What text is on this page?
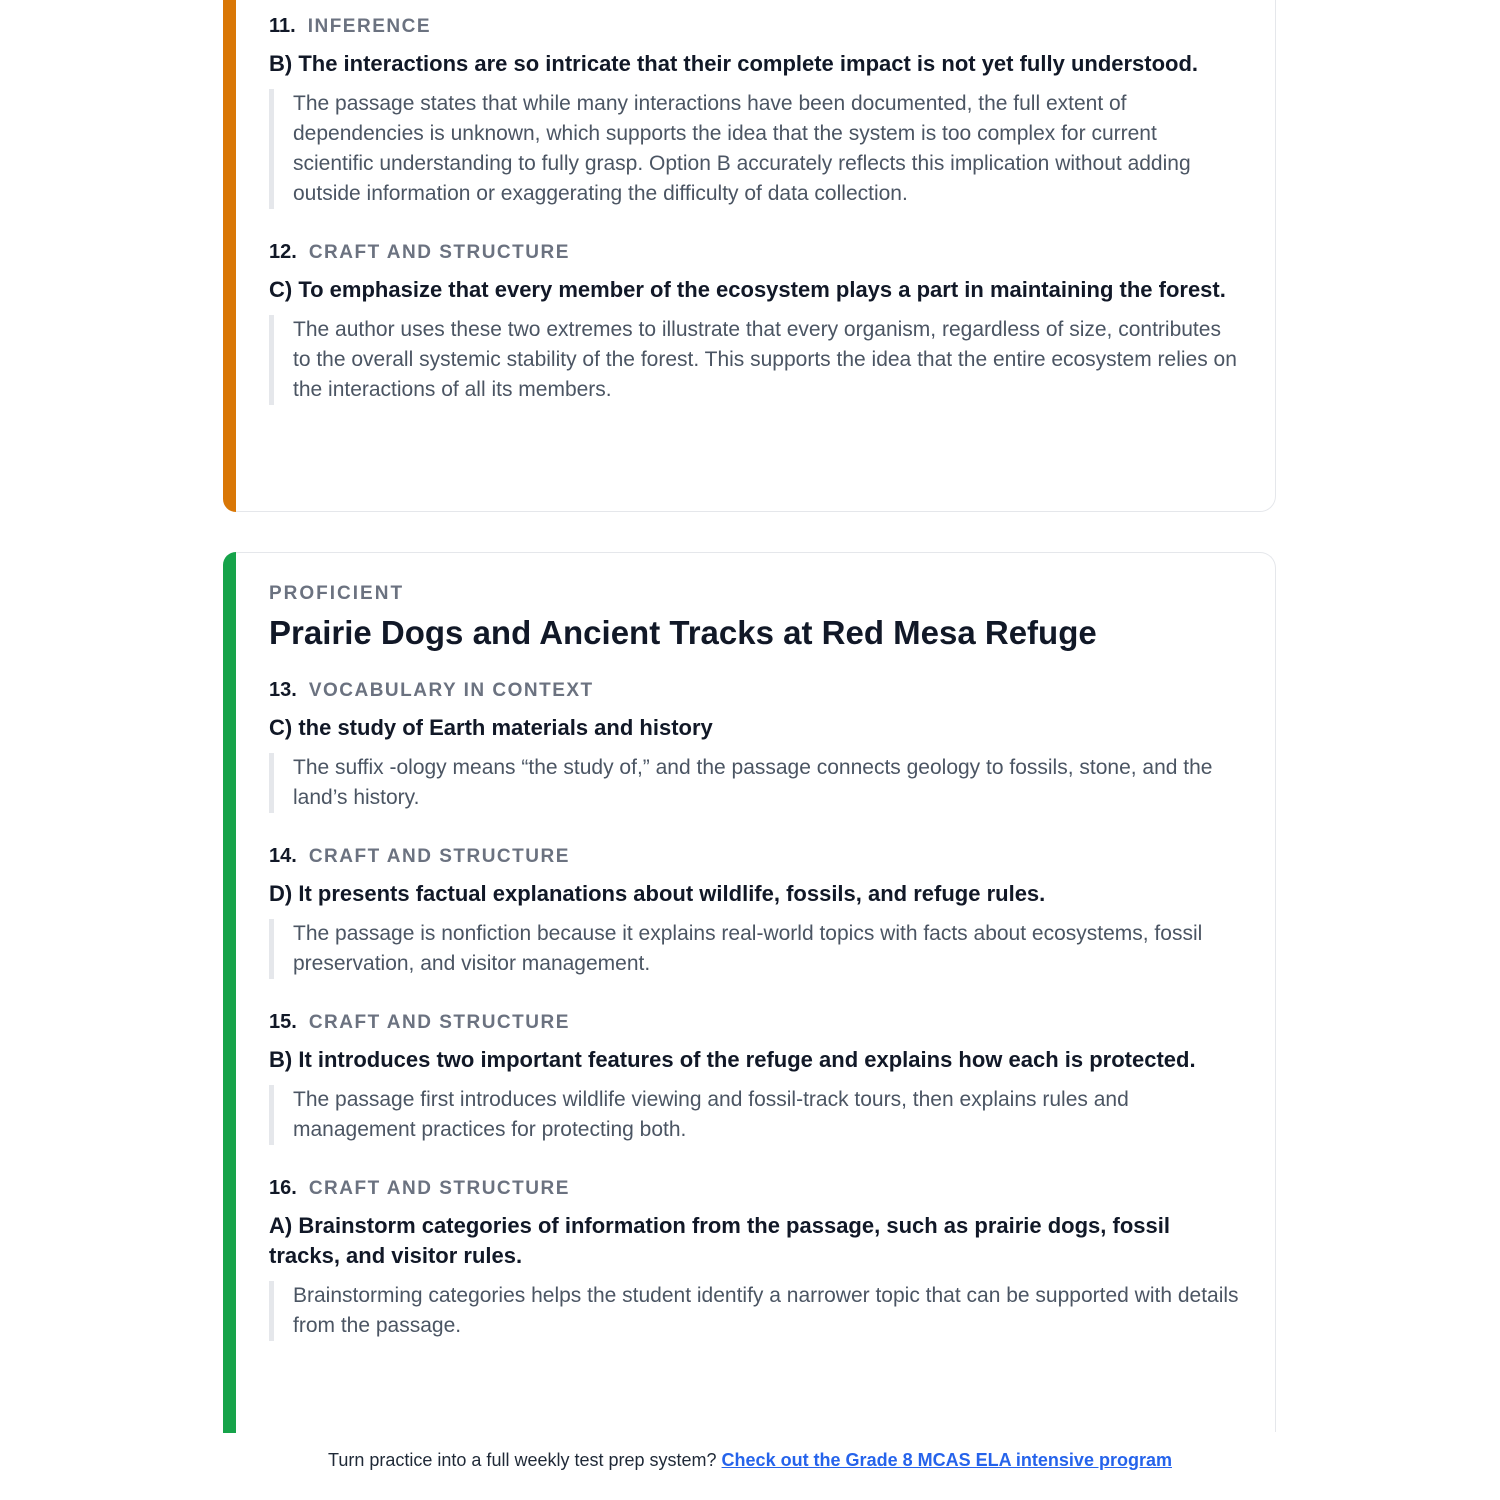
11. INFERENCE

B) The interactions are so intricate that their complete impact is not yet fully understood.

The passage states that while many interactions have been documented, the full extent of dependencies is unknown, which supports the idea that the system is too complex for current scientific understanding to fully grasp. Option B accurately reflects this implication without adding outside information or exaggerating the difficulty of data collection.

12. CRAFT AND STRUCTURE

C) To emphasize that every member of the ecosystem plays a part in maintaining the forest.

The author uses these two extremes to illustrate that every organism, regardless of size, contributes to the overall systemic stability of the forest. This supports the idea that the entire ecosystem relies on the interactions of all its members.

PROFICIENT
Prairie Dogs and Ancient Tracks at Red Mesa Refuge
13. VOCABULARY IN CONTEXT

C) the study of Earth materials and history

The suffix -ology means “the study of,” and the passage connects geology to fossils, stone, and the land’s history.

14. CRAFT AND STRUCTURE

D) It presents factual explanations about wildlife, fossils, and refuge rules.

The passage is nonfiction because it explains real-world topics with facts about ecosystems, fossil preservation, and visitor management.

15. CRAFT AND STRUCTURE

B) It introduces two important features of the refuge and explains how each is protected.

The passage first introduces wildlife viewing and fossil-track tours, then explains rules and management practices for protecting both.

16. CRAFT AND STRUCTURE

A) Brainstorm categories of information from the passage, such as prairie dogs, fossil tracks, and visitor rules.

Brainstorming categories helps the student identify a narrower topic that can be supported with details from the passage.

Turn practice into a full weekly test prep system? Check out the Grade 8 MCAS ELA intensive program
